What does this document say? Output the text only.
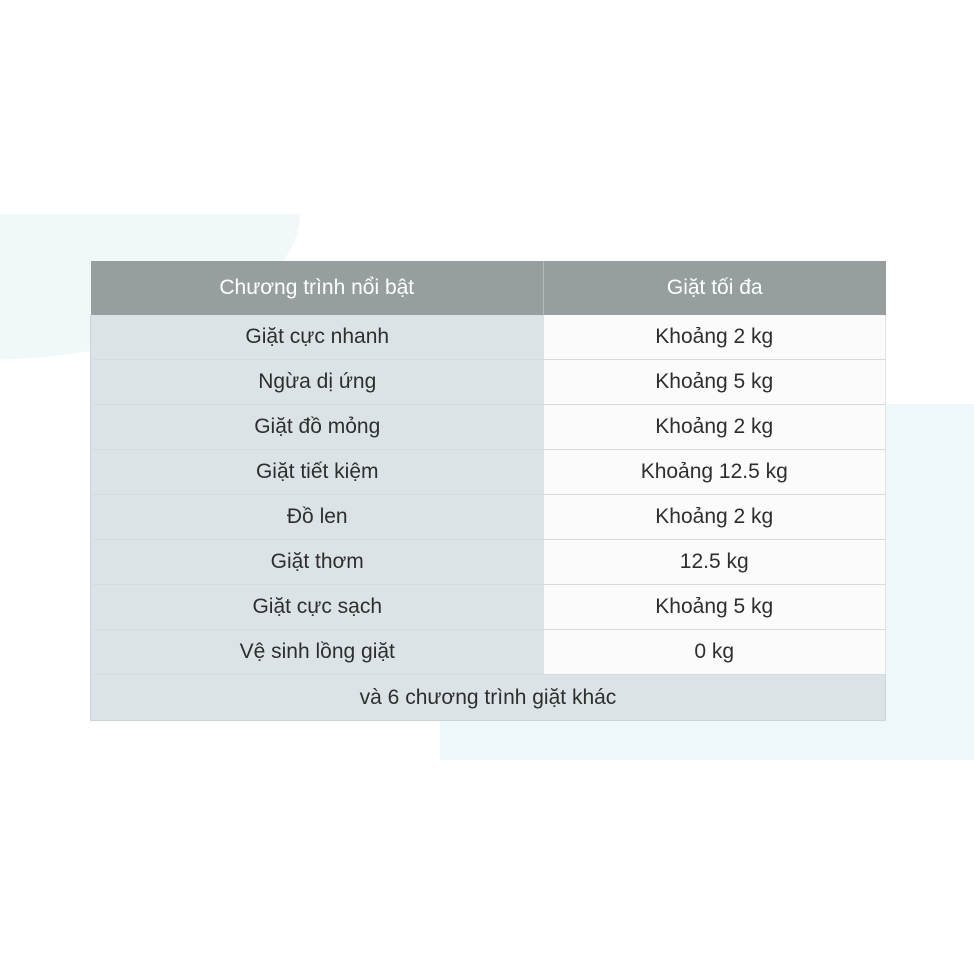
Chương trình nổi bật	Giặt tối đa
Giặt cực nhanh	Khoảng 2 kg
Ngừa dị ứng	Khoảng 5 kg
Giặt đồ mỏng	Khoảng 2 kg
Giặt tiết kiệm	Khoảng 12.5 kg
Đồ len	Khoảng 2 kg
Giặt thơm	12.5 kg
Giặt cực sạch	Khoảng 5 kg
Vệ sinh lồng giặt	0 kg
và 6 chương trình giặt khác	
